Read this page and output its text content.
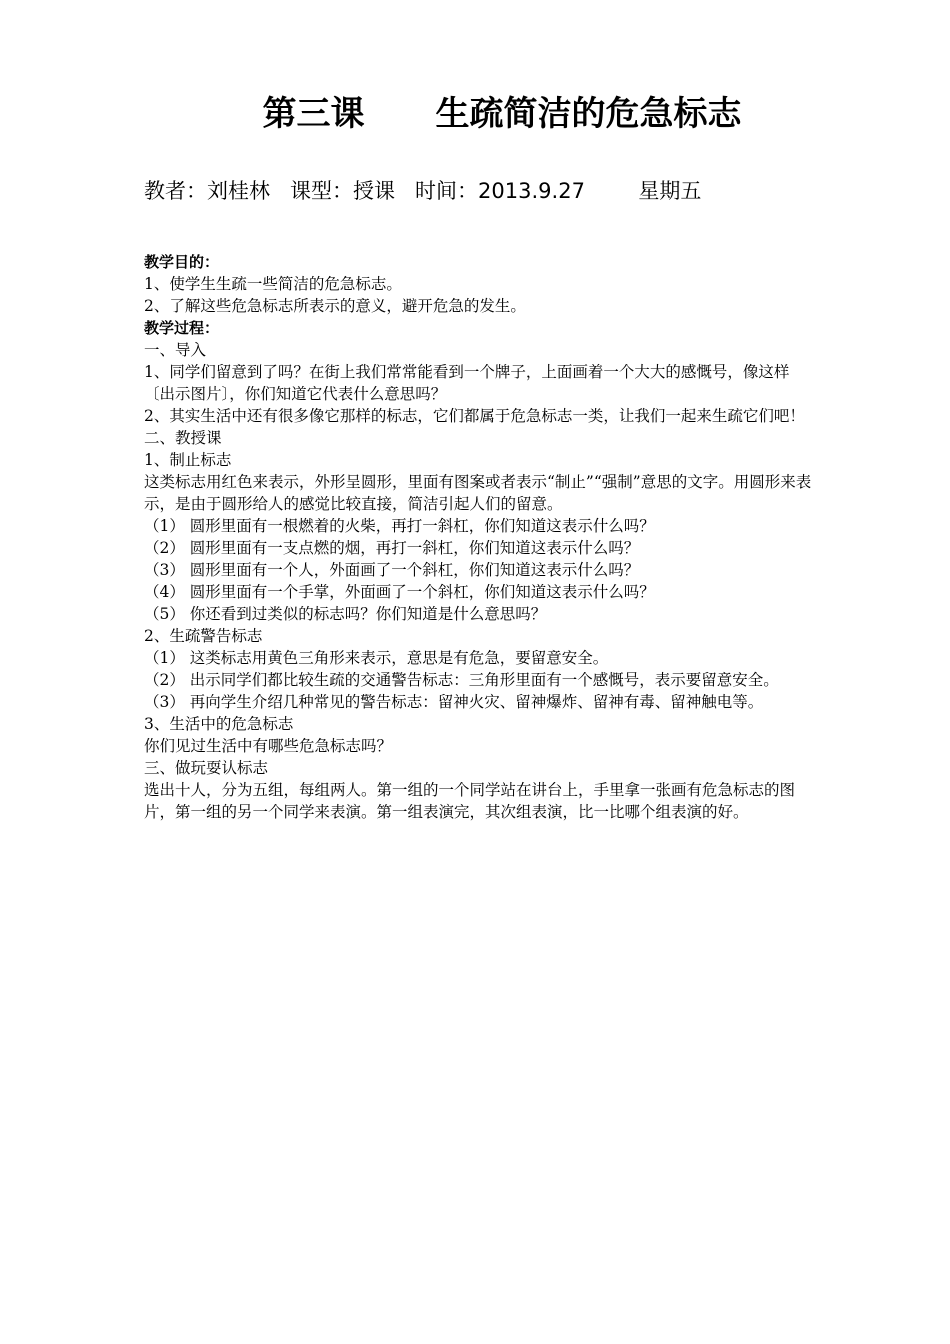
第三课      生疏简洁的危急标志
教者：刘桂林   课型：授课   时间：2013.9.27        星期五

教学目的：

1、使学生生疏一些简洁的危急标志。

2、了解这些危急标志所表示的意义，避开危急的发生。

教学过程：

一、导入

1、同学们留意到了吗？在街上我们常常能看到一个牌子，上面画着一个大大的感慨号，像这样〔出示图片〕，你们知道它代表什么意思吗？

2、其实生活中还有很多像它那样的标志，它们都属于危急标志一类，让我们一起来生疏它们吧！

二、教授课

1、制止标志

这类标志用红色来表示，外形呈圆形，里面有图案或者表示“制止”“强制”意思的文字。用圆形来表示，是由于圆形给人的感觉比较直接，简洁引起人们的留意。

（1） 圆形里面有一根燃着的火柴，再打一斜杠，你们知道这表示什么吗？

（2） 圆形里面有一支点燃的烟，再打一斜杠，你们知道这表示什么吗？

（3） 圆形里面有一个人，外面画了一个斜杠，你们知道这表示什么吗？

（4） 圆形里面有一个手掌，外面画了一个斜杠，你们知道这表示什么吗？

（5） 你还看到过类似的标志吗？你们知道是什么意思吗？

2、生疏警告标志

（1） 这类标志用黄色三角形来表示，意思是有危急，要留意安全。

（2） 出示同学们都比较生疏的交通警告标志：三角形里面有一个感慨号，表示要留意安全。

（3） 再向学生介绍几种常见的警告标志：留神火灾、留神爆炸、留神有毒、留神触电等。

3、生活中的危急标志

你们见过生活中有哪些危急标志吗？

三、做玩耍认标志

选出十人，分为五组，每组两人。第一组的一个同学站在讲台上，手里拿一张画有危急标志的图片，第一组的另一个同学来表演。第一组表演完，其次组表演，比一比哪个组表演的好。
